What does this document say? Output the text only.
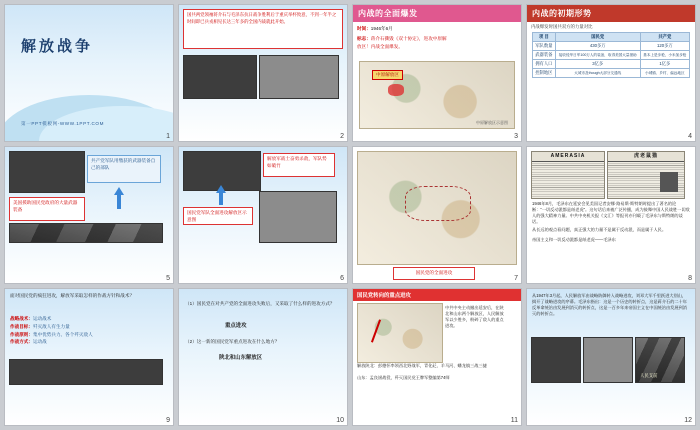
解放战争
第一PPT模板网-WWW.1PPT.COM
1
国共两党领袖蒋介石与毛泽东抗日战争胜利后于重庆举杯致意，不到一年半之时间即已兵戎相见长达三年多的全国内战就此开始。
2
内战的全面爆发
时间：1946年6月
标志：蒋介石撕毁《双十协定》，进攻中原解放区！内战全面爆发。
中原解放区
中原解放区示意图
3
内战的初期形势
内战爆发时国共双方的力量对比
项 目	国民党	共产党
军队数量	430多万	120多万
武器装备	接收侵华日军100万人的装备，取得美国大量援助	基本上是步枪，小米加步枪
拥有人口	3亿多	1亿多
控制地区	大城市及though大部分交通线	小城镇、乡村、偏远地区
4
共产党军队用缴获的武器装备自己的部队
美国援助国民党政府的大量武器装备
5
解放军战士奋勇杀敌，军队势如破竹
国民党军队全面进攻解放区示意图
6
国民党的全面进攻
7
AMERASIA	虎老鼠猫
1946年8月，毛泽东在延安会见美国记者安娜·路易斯·斯特朗时提出了著名的论断：“一切反动派都是纸老虎”。这句话后来被广泛传播，成为鼓舞中国人民战胜一切敌人的强大精神力量。中共中央机关报《文汇》等报刊亦刊载了毛泽东与斯特朗的谈话。
从长远的观点看问题，真正强大的力量不是属于反动派，而是属于人民。
帝国主义和一切反动派都是纸老虎——毛泽东
8
面对国民党的疯狂进攻，解放军采取怎样的作战方针和战术？
战略战术：运动战术
作战目标：歼灭敌人有生力量
作战原则：集中优势兵力、各个歼灭敌人
作战方式：运动战
9
（1）国民党在对共产党的全面进攻失败后，又采取了什么样的进攻方式？
重点进攻
（2）这一新的国民党军重点进攻在什么地方？
陕北和山东解放区
10
国民党转向的重点进攻
中共中央主动撤出延安后，在陕北和山东两个解放区，人民解放军以少胜多，粉碎了敌人的重点进攻。
解放陕北：彭德怀率领西北野战军，青化砭、羊马河、蟠龙镇三战三捷
山东：孟良崮战役，歼灭国民党王牌军整编第74师
11
从1947年3月起，人民解放军由战略防御转入战略进攻，刘邓大军千里跃进大别山，揭开了战略进攻的序幕。毛泽东指出：这是一个历史的转折点，这是蒋介石的二十年反革命统治由发展到消灭的转折点，这是一百多年来帝国主义在中国统治由发展到消灭的转折点。
人民支前
12
